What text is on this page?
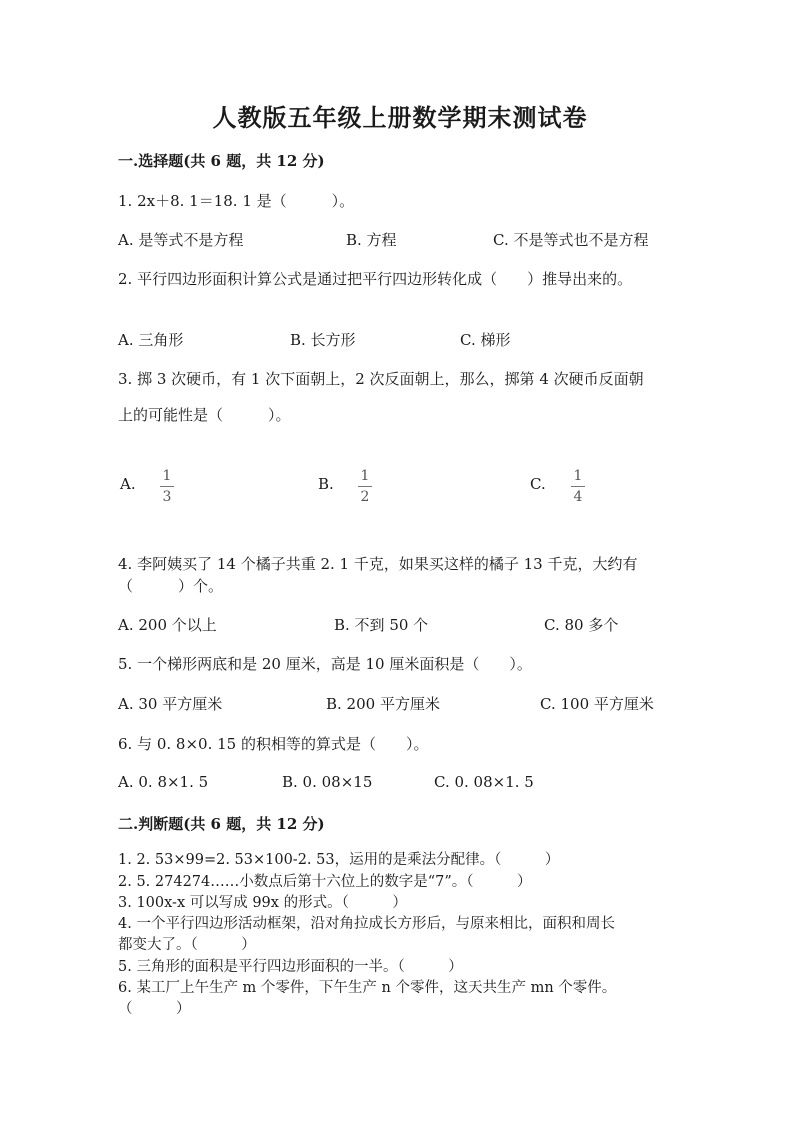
人教版五年级上册数学期末测试卷
一.选择题(共 6 题，共 12 分)
1. 2x＋8. 1＝18. 1 是（　　　）。
A. 是等式不是方程	B. 方程	C. 不是等式也不是方程
2. 平行四边形面积计算公式是通过把平行四边形转化成（　　）推导出来的。
A. 三角形	B. 长方形	C. 梯形
3. 掷 3 次硬币，有 1 次下面朝上，2 次反面朝上，那么，掷第 4 次硬币反面朝
上的可能性是（　　　）。
A. 1
3
B. 1
2
C. 1
4
4. 李阿姨买了 14 个橘子共重 2. 1 千克，如果买这样的橘子 13 千克，大约有
（　　　）个。
A. 200 个以上	B. 不到 50 个	C. 80 多个
5. 一个梯形两底和是 20 厘米，高是 10 厘米面积是（　　）。
A. 30 平方厘米	B. 200 平方厘米	C. 100 平方厘米
6. 与 0. 8×0. 15 的积相等的算式是（　　）。
A. 0. 8×1. 5	B. 0. 08×15	C. 0. 08×1. 5
二.判断题(共 6 题，共 12 分)
1. 2. 53×99=2. 53×100-2. 53，运用的是乘法分配律。（　　　）
2. 5. 274274……小数点后第十六位上的数字是“7”。（　　　）
3. 100x-x 可以写成 99x 的形式。（　　　）
4. 一个平行四边形活动框架，沿对角拉成长方形后，与原来相比，面积和周长
都变大了。（　　　）
5. 三角形的面积是平行四边形面积的一半。（　　　）
6. 某工厂上午生产 m 个零件，下午生产 n 个零件，这天共生产 mn 个零件。
（　　　）
